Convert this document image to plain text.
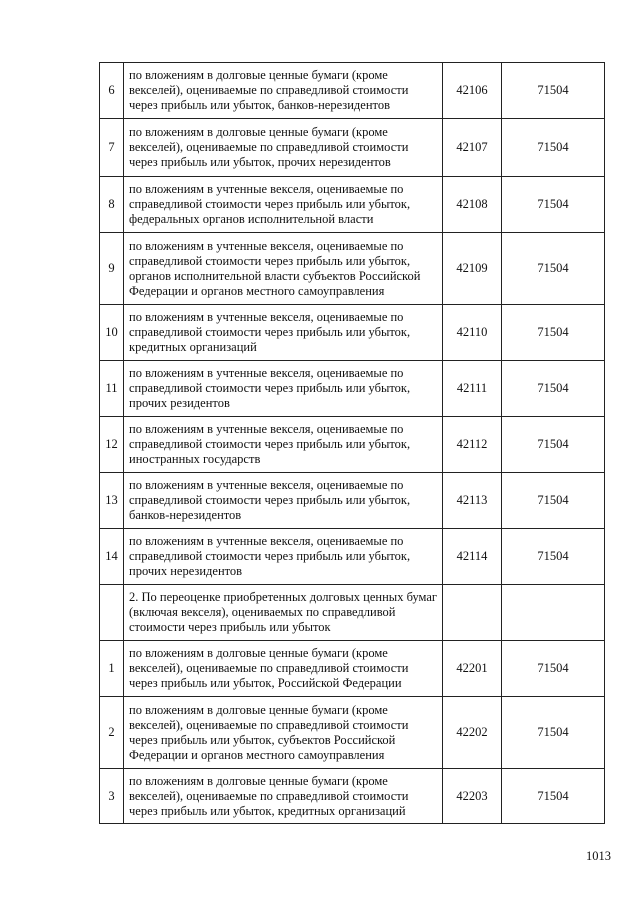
6	по вложениям в долговые ценные бумаги (кроме векселей), оцениваемые по справедливой стоимости через прибыль или убыток, банков-нерезидентов	42106	71504
7	по вложениям в долговые ценные бумаги (кроме векселей), оцениваемые по справедливой стоимости через прибыль или убыток, прочих нерезидентов	42107	71504
8	по вложениям в учтенные векселя, оцениваемые по справедливой стоимости через прибыль или убыток, федеральных органов исполнительной власти	42108	71504
9	по вложениям в учтенные векселя, оцениваемые по справедливой стоимости через прибыль или убыток, органов исполнительной власти субъектов Российской Федерации и органов местного самоуправления	42109	71504
10	по вложениям в учтенные векселя, оцениваемые по справедливой стоимости через прибыль или убыток, кредитных организаций	42110	71504
11	по вложениям в учтенные векселя, оцениваемые по справедливой стоимости через прибыль или убыток, прочих резидентов	42111	71504
12	по вложениям в учтенные векселя, оцениваемые по справедливой стоимости через прибыль или убыток, иностранных государств	42112	71504
13	по вложениям в учтенные векселя, оцениваемые по справедливой стоимости через прибыль или убыток, банков-нерезидентов	42113	71504
14	по вложениям в учтенные векселя, оцениваемые по справедливой стоимости через прибыль или убыток, прочих нерезидентов	42114	71504
	2. По переоценке приобретенных долговых ценных бумаг (включая векселя), оцениваемых по справедливой стоимости через прибыль или убыток		
1	по вложениям в долговые ценные бумаги (кроме векселей), оцениваемые по справедливой стоимости через прибыль или убыток, Российской Федерации	42201	71504
2	по вложениям в долговые ценные бумаги (кроме векселей), оцениваемые по справедливой стоимости через прибыль или убыток, субъектов Российской Федерации и органов местного самоуправления	42202	71504
3	по вложениям в долговые ценные бумаги (кроме векселей), оцениваемые по справедливой стоимости через прибыль или убыток, кредитных организаций	42203	71504
1013
